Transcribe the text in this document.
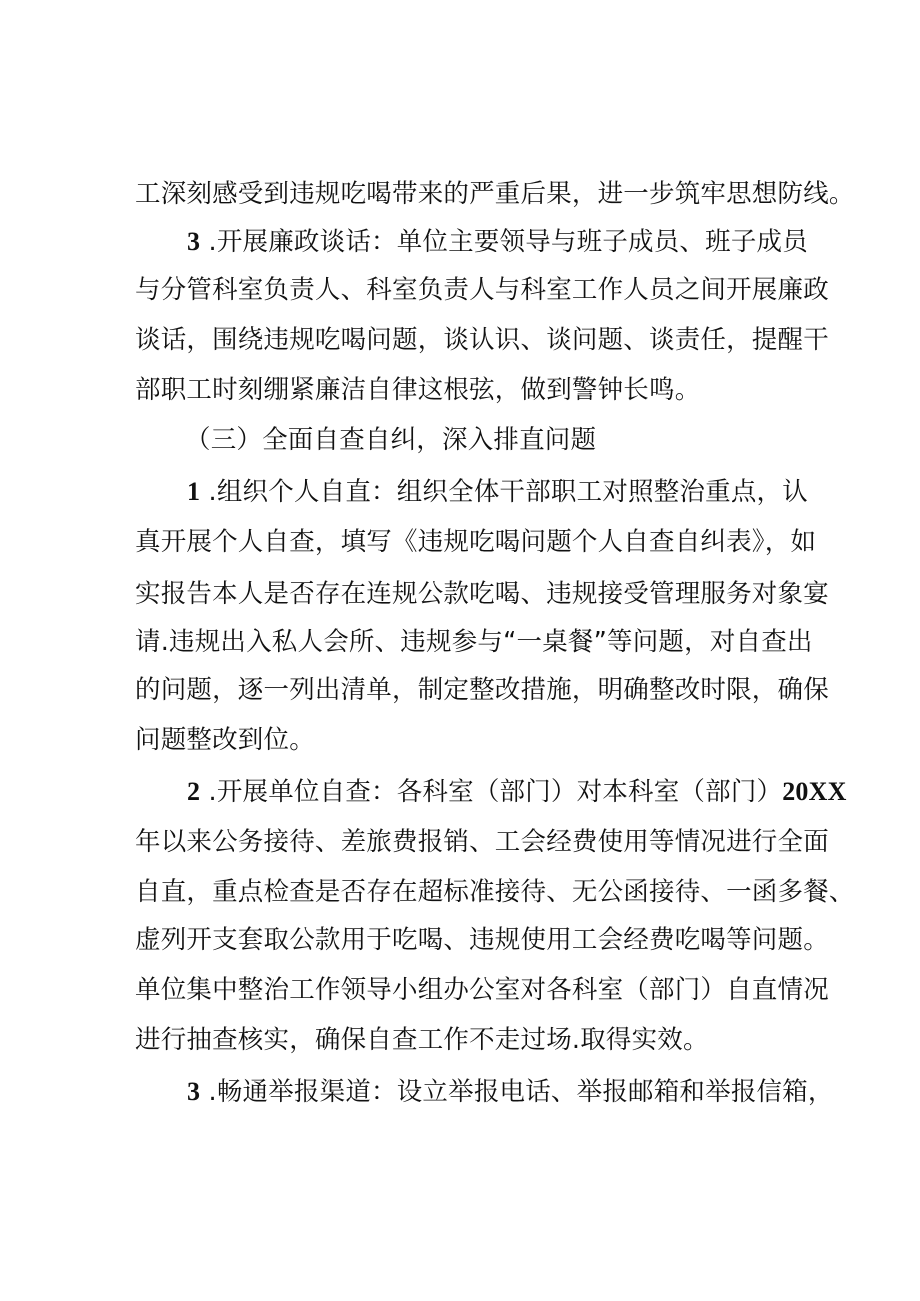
工深刻感受到违规吃喝带来的严重后果，进一步筑牢思想防线。
3 .开展廉政谈话：单位主要领导与班子成员、班子成员
与分管科室负责人、科室负责人与科室工作人员之间开展廉政
谈话，围绕违规吃喝问题，谈认识、谈问题、谈责任，提醒干
部职工时刻绷紧廉洁自律这根弦，做到警钟长鸣。
（三）全面自查自纠，深入排直问题
1 .组织个人自直：组织全体干部职工对照整治重点，认
真开展个人自查，填写《违规吃喝问题个人自查自纠表》，如
实报告本人是否存在连规公款吃喝、违规接受管理服务对象宴
请.违规出入私人会所、违规参与“一桌餐”等问题，对自查出
的问题，逐一列出清单，制定整改措施，明确整改时限，确保
问题整改到位。
2 .开展单位自查：各科室（部门）对本科室（部门）20XX
年以来公务接待、差旅费报销、工会经费使用等情况进行全面
自直，重点检查是否存在超标准接待、无公函接待、一函多餐、
虚列开支套取公款用于吃喝、违规使用工会经费吃喝等问题。
单位集中整治工作领导小组办公室对各科室（部门）自直情况
进行抽查核实，确保自查工作不走过场.取得实效。
3 .畅通举报渠道：设立举报电话、举报邮箱和举报信箱，
